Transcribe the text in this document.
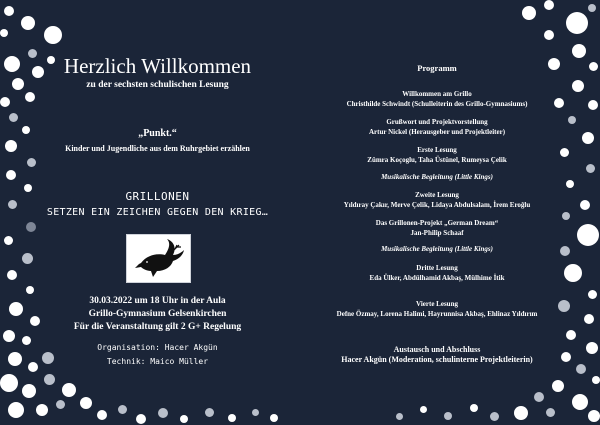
Herzlich Willkommen
zu der sechsten schulischen Lesung
„Punkt.“
Kinder und Jugendliche aus dem Ruhrgebiet erzählen
GRILLONEN
SETZEN EIN ZEICHEN GEGEN DEN KRIEG…
30.03.2022 um 18 Uhr in der Aula
Grillo-Gymnasium Gelsenkirchen
Für die Veranstaltung gilt 2 G+ Regelung
Organisation: Hacer Akgün
Technik: Maico Müller
Programm
Willkommen am Grillo
Christhilde Schwindt (Schulleiterin des Grillo-Gymnasiums)
Grußwort und Projektvorstellung
Artur Nickel (Herausgeber und Projektleiter)
Erste Lesung
Zümra Koçoglu, Taha Üstünel, Rumeysa Çelik
Musikalische Begleitung (Little Kings)
Zweite Lesung
Yıldıray Çakır, Merve Çelik, Lidaya Abdulsalam, İrem Eroğlu
Das Grillonen-Projekt „German Dream“
Jan-Philip Schaaf
Musikalische Begleitung (Little Kings)
Dritte Lesung
Eda Ülker, Abdülhamid Akbaş, Mülhime İtik
Vierte Lesung
Defne Özmay, Lorena Halimi, Hayrunnisa Akbaş, Ehlinaz Yıldırım
Austausch und Abschluss
Hacer Akgün (Moderation, schulinterne Projektleiterin)
